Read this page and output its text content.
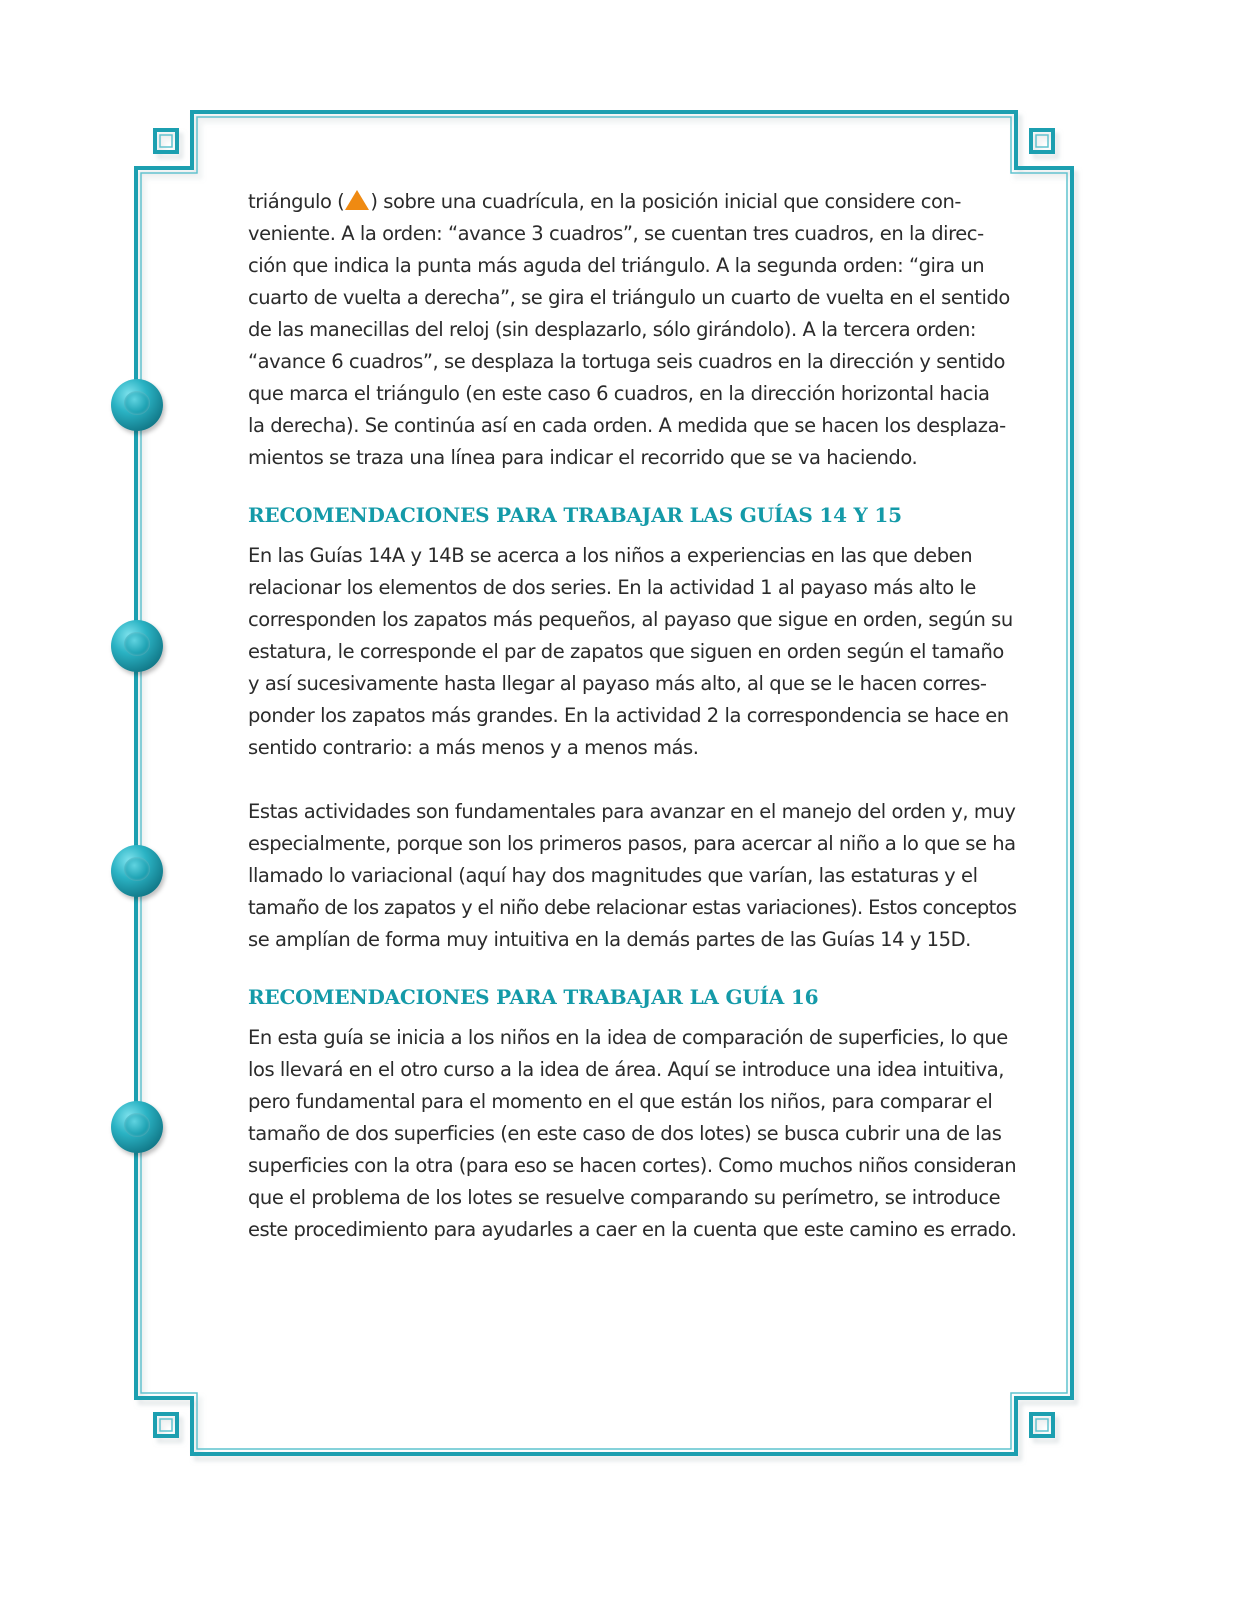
triángulo ( ) sobre una cuadrícula, en la posición inicial que considere con-
veniente. A la orden: “avance 3 cuadros”, se cuentan tres cuadros, en la direc-
ción que indica la punta más aguda del triángulo. A la segunda orden: “gira un
cuarto de vuelta a derecha”, se gira el triángulo un cuarto de vuelta en el sentido
de las manecillas del reloj (sin desplazarlo, sólo girándolo). A la tercera orden:
“avance 6 cuadros”, se desplaza la tortuga seis cuadros en la dirección y sentido
que marca el triángulo (en este caso 6 cuadros, en la dirección horizontal hacia
la derecha). Se continúa así en cada orden. A medida que se hacen los desplaza-
mientos se traza una línea para indicar el recorrido que se va haciendo.

RECOMENDACIONES PARA TRABAJAR LAS GUÍAS 14 Y 15

En las Guías 14A y 14B se acerca a los niños a experiencias en las que deben
relacionar los elementos de dos series. En la actividad 1 al payaso más alto le
corresponden los zapatos más pequeños, al payaso que sigue en orden, según su
estatura, le corresponde el par de zapatos que siguen en orden según el tamaño
y así sucesivamente hasta llegar al payaso más alto, al que se le hacen corres-
ponder los zapatos más grandes. En la actividad 2 la correspondencia se hace en
sentido contrario: a más menos y a menos más.

Estas actividades son fundamentales para avanzar en el manejo del orden y, muy
especialmente, porque son los primeros pasos, para acercar al niño a lo que se ha
llamado lo variacional (aquí hay dos magnitudes que varían, las estaturas y el
tamaño de los zapatos y el niño debe relacionar estas variaciones). Estos conceptos
se amplían de forma muy intuitiva en la demás partes de las Guías 14 y 15D.

RECOMENDACIONES PARA TRABAJAR LA GUÍA 16

En esta guía se inicia a los niños en la idea de comparación de superficies, lo que
los llevará en el otro curso a la idea de área. Aquí se introduce una idea intuitiva,
pero fundamental para el momento en el que están los niños, para comparar el
tamaño de dos superficies (en este caso de dos lotes) se busca cubrir una de las
superficies con la otra (para eso se hacen cortes). Como muchos niños consideran
que el problema de los lotes se resuelve comparando su perímetro, se introduce
este procedimiento para ayudarles a caer en la cuenta que este camino es errado.
